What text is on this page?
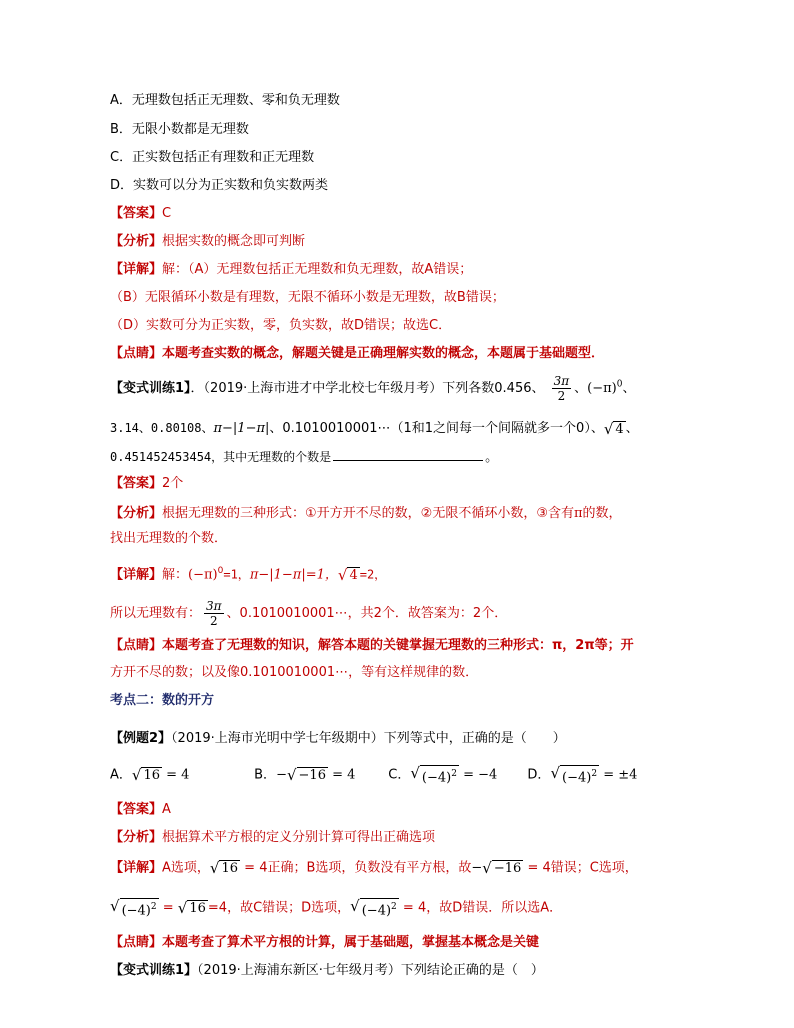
A．无理数包括正无理数、零和负无理数
B．无限小数都是无理数
C．正实数包括正有理数和正无理数
D．实数可以分为正实数和负实数两类
【答案】C
【分析】根据实数的概念即可判断
【详解】解：（A）无理数包括正无理数和负无理数，故A错误；
（B）无限循环小数是有理数，无限不循环小数是无理数，故B错误；
（D）实数可分为正实数，零，负实数，故D错误；故选C．
【点睛】本题考查实数的概念，解题关键是正确理解实数的概念，本题属于基础题型．
【变式训练1】．（2019·上海市进才中学北校七年级月考）下列各数0.456、 $\frac{3\pi}{2}$ 、$(-\pi)^0$、
3.14、0.80108、π−|1−π|、0.1010010001⋯（1和1之间每一个间隔就多一个0）、 √ 4 、
0.451452453454，其中无理数的个数是	。
【答案】2个
【分析】根据无理数的三种形式：①开方开不尽的数，②无限不循环小数，③含有π的数，
找出无理数的个数．
【详解】解：$(-\pi)^0=1$，π−|1−π|=1， √ 4 =2，
所以无理数有： $\frac{3\pi}{2}$ 、0.1010010001⋯，共2个．故答案为：2个．
【点睛】本题考查了无理数的知识，解答本题的关键掌握无理数的三种形式：π，2π等；开
方开不尽的数；以及像0.1010010001⋯，等有这样规律的数．
考点二：数的开方
【例题2】（2019·上海市光明中学七年级期中）下列等式中，正确的是（　　）
A． √ 16 = 4	B．− √ −16 = 4	C． √ $(-4)^2 = -4$ D． √ $(-4)^2 = \pm 4$
【答案】A
【分析】根据算术平方根的定义分别计算可得出正确选项
【详解】A选项， √ 16 = 4正确；B选项，负数没有平方根，故− √ −16 = 4错误；C选项，
√ $(-4)^2$ = √ 16 =4，故C错误；D选项， √ $(-4)^2 = 4$，故D错误．所以选A．
【点睛】本题考查了算术平方根的计算，属于基础题，掌握基本概念是关键
【变式训练1】（2019·上海浦东新区·七年级月考）下列结论正确的是（　）
